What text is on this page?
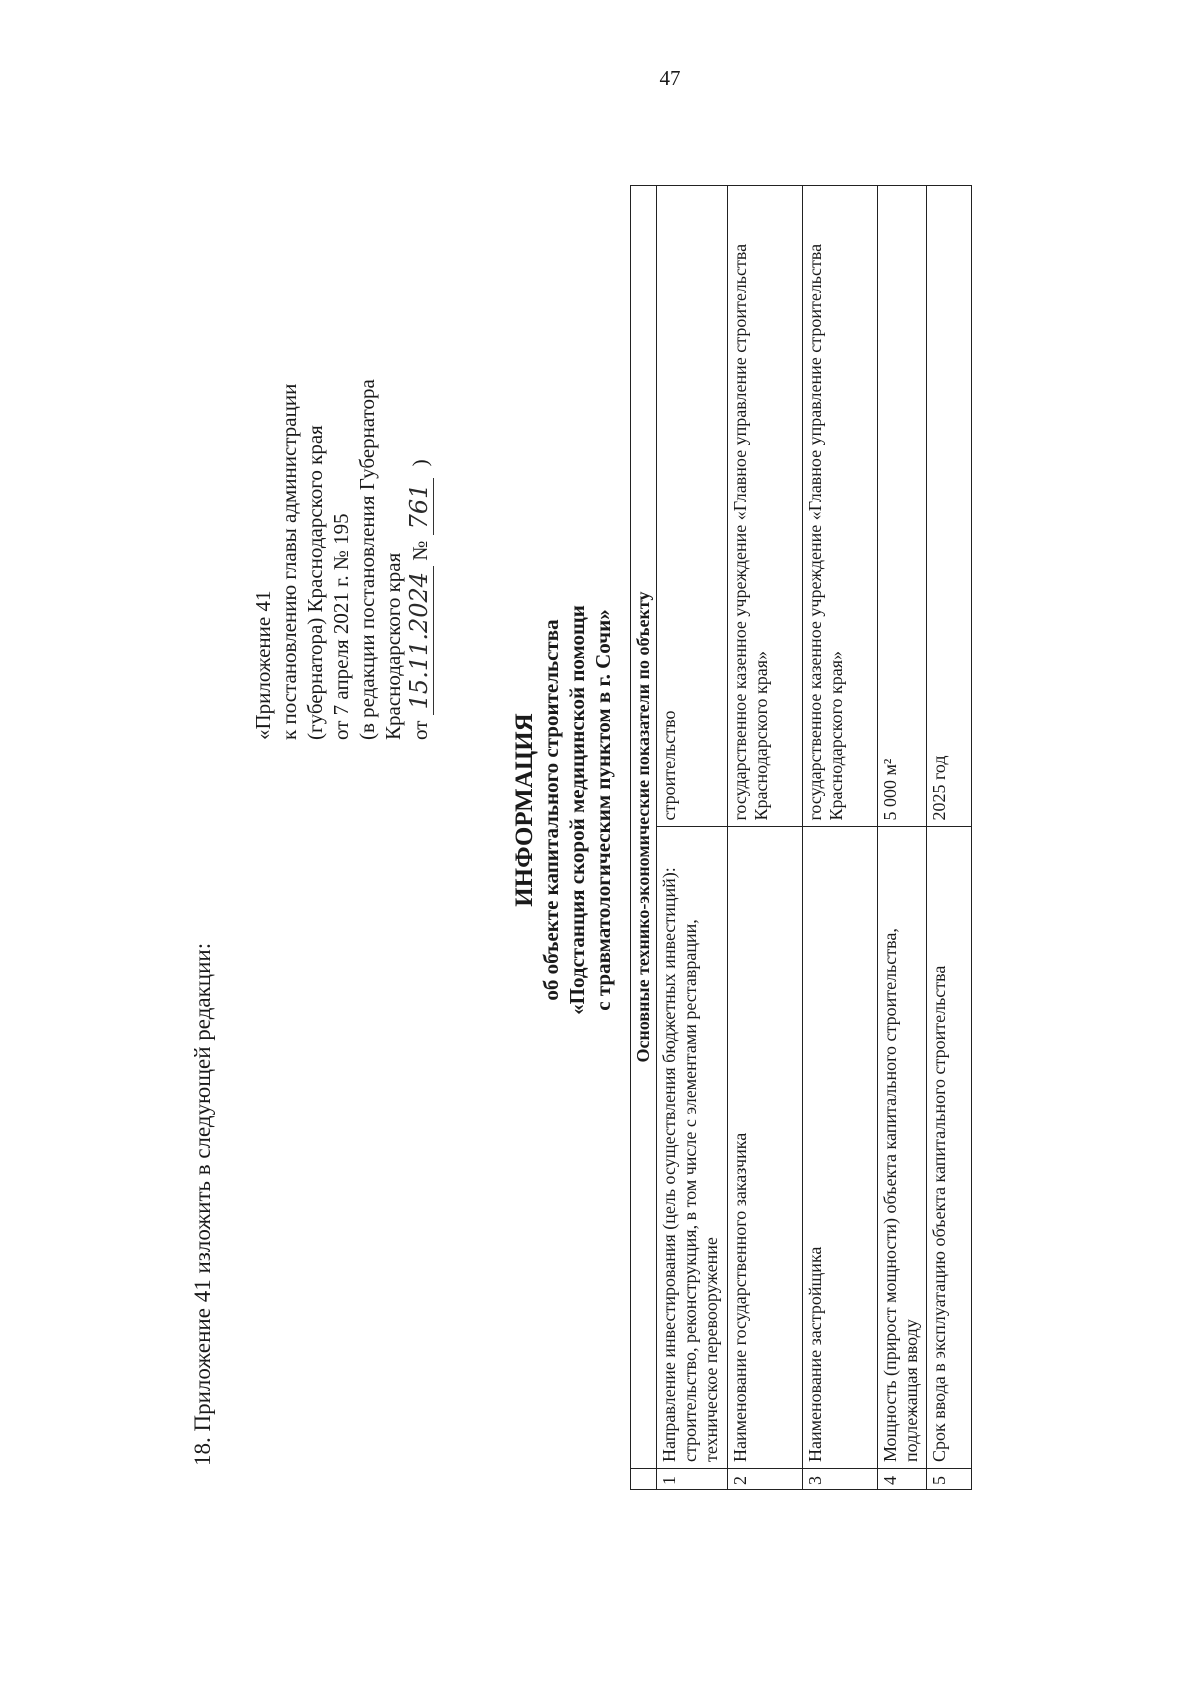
47
18. Приложение 41 изложить в следующей редакции:
«Приложение 41 к постановлению главы администрации (губернатора) Краснодарского края от 7 апреля 2021 г. № 195 (в редакции постановления Губернатора Краснодарского края от 15.11.2024 № 761 )
ИНФОРМАЦИЯ об объекте капитального строительства «Подстанция скорой медицинской помощи с травматологическим пунктом в г. Сочи»
	Основные технико-экономические показатели по объекту	
1	Направление инвестирования (цель осуществления бюджетных инвестиций): строительство, реконструкция, в том числе с элементами реставрации, техническое перевооружение	строительство
2	Наименование государственного заказчика	государственное казенное учреждение «Главное управление строительства Краснодарского края»
3	Наименование застройщика	государственное казенное учреждение «Главное управление строительства Краснодарского края»
4	Мощность (прирост мощности) объекта капитального строительства, подлежащая вводу	5 000 м²
5	Срок ввода в эксплуатацию объекта капитального строительства	2025 год
